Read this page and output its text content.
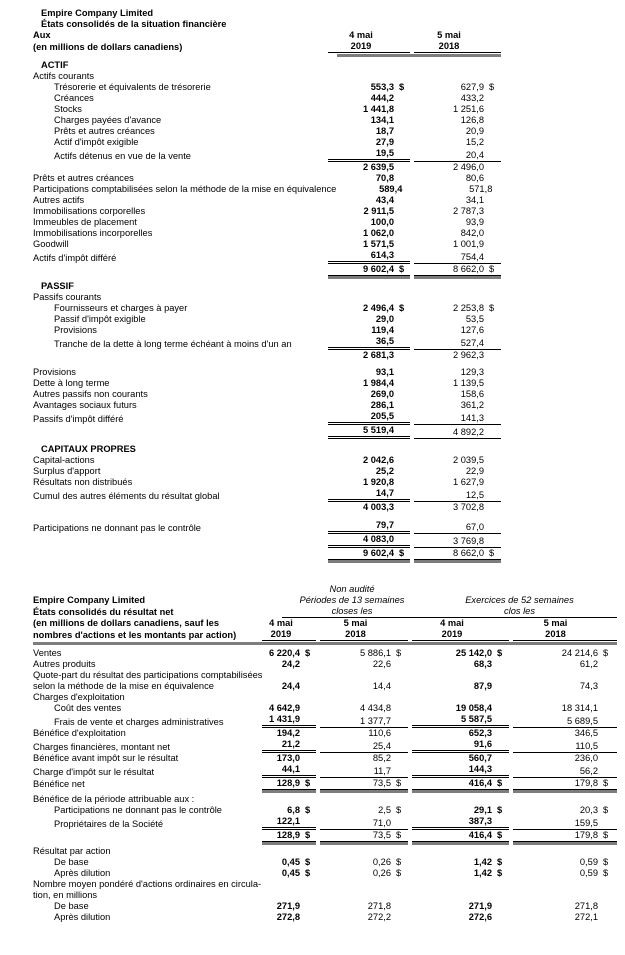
Empire Company Limited
États consolidés de la situation financière
Aux	4 mai	5 mai
(en millions de dollars canadiens)	2019	2018
ACTIF
Actifs courants
Trésorerie et équivalents de trésorerie	553,3 $	627,9 $
Créances	444,2	433,2
Stocks	1 441,8	1 251,6
Charges payées d'avance	134,1	126,8
Prêts et autres créances	18,7	20,9
Actif d'impôt exigible	27,9	15,2
Actifs détenus en vue de la vente	19,5	20,4
2 639,5	2 496,0
Prêts et autres créances	70,8	80,6
Participations comptabilisées selon la méthode de la mise en équivalence	589,4	571,8
Autres actifs	43,4	34,1
Immobilisations corporelles	2 911,5	2 787,3
Immeubles de placement	100,0	93,9
Immobilisations incorporelles	1 062,0	842,0
Goodwill	1 571,5	1 001,9
Actifs d'impôt différé	614,3	754,4
9 602,4 $	8 662,0 $
PASSIF
Passifs courants
Fournisseurs et charges à payer	2 496,4 $	2 253,8 $
Passif d'impôt exigible	29,0	53,5
Provisions	119,4	127,6
Tranche de la dette à long terme échéant à moins d'un an	36,5	527,4
2 681,3	2 962,3
Provisions	93,1	129,3
Dette à long terme	1 984,4	1 139,5
Autres passifs non courants	269,0	158,6
Avantages sociaux futurs	286,1	361,2
Passifs d'impôt différé	205,5	141,3
5 519,4	4 892,2
CAPITAUX PROPRES
Capital-actions	2 042,6	2 039,5
Surplus d'apport	25,2	22,9
Résultats non distribués	1 920,8	1 627,9
Cumul des autres éléments du résultat global	14,7	12,5
4 003,3	3 702,8
Participations ne donnant pas le contrôle	79,7	67,0
4 083,0	3 769,8
9 602,4 $	8 662,0 $
Non audité
Empire Company Limited	Périodes de 13 semaines	Exercices de 52 semaines
États consolidés du résultat net	closes les	clos les
(en millions de dollars canadiens, sauf les	4 mai	5 mai	4 mai	5 mai
nombres d'actions et les montants par action)	2019	2018	2019	2018
Ventes	6 220,4 $	5 886,1 $	25 142,0 $	24 214,6 $
Autres produits	24,2	22,6	68,3	61,2
Quote-part du résultat des participations comptabilisées
selon la méthode de la mise en équivalence	24,4	14,4	87,9	74,3
Charges d'exploitation
Coût des ventes	4 642,9	4 434,8	19 058,4	18 314,1
Frais de vente et charges administratives	1 431,9	1 377,7	5 587,5	5 689,5
Bénéfice d'exploitation	194,2	110,6	652,3	346,5
Charges financières, montant net	21,2	25,4	91,6	110,5
Bénéfice avant impôt sur le résultat	173,0	85,2	560,7	236,0
Charge d'impôt sur le résultat	44,1	11,7	144,3	56,2
Bénéfice net	128,9 $	73,5 $	416,4 $	179,8 $
Bénéfice de la période attribuable aux :
Participations ne donnant pas le contrôle	6,8 $	2,5 $	29,1 $	20,3 $
Propriétaires de la Société	122,1	71,0	387,3	159,5
128,9 $	73,5 $	416,4 $	179,8 $
Résultat par action
De base	0,45 $	0,26 $	1,42 $	0,59 $
Après dilution	0,45 $	0,26 $	1,42 $	0,59 $
Nombre moyen pondéré d'actions ordinaires en circula-
tion, en millions
De base	271,9	271,8	271,9	271,8
Après dilution	272,8	272,2	272,6	272,1
